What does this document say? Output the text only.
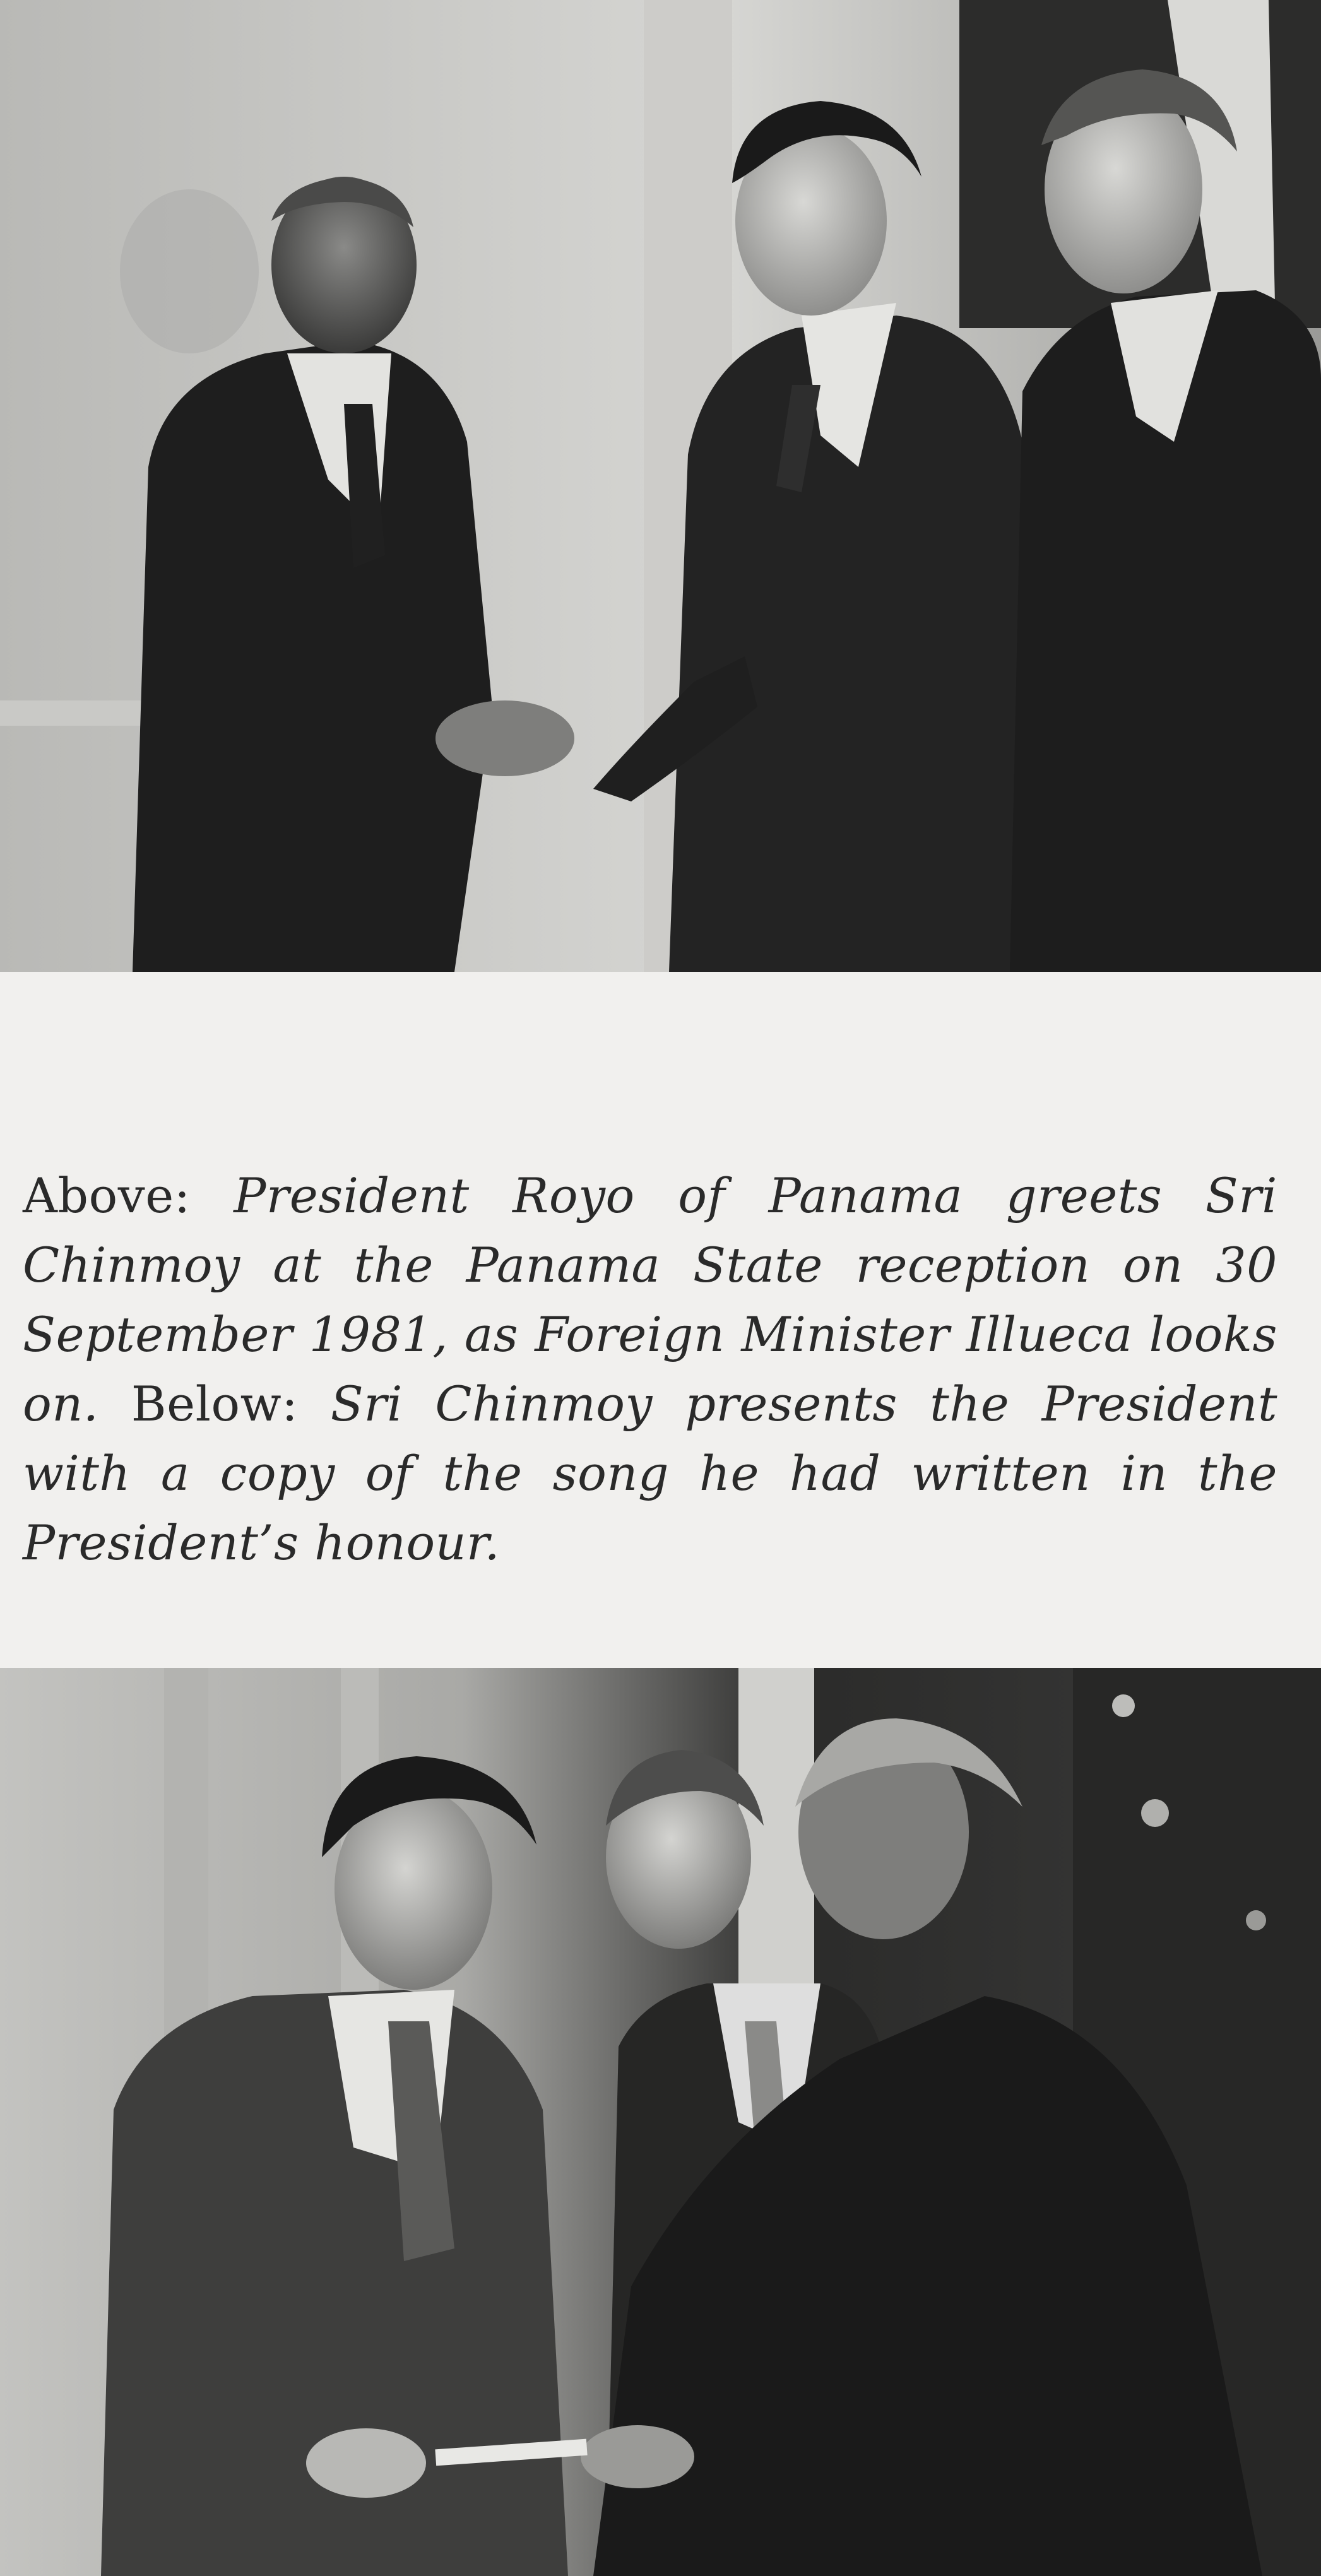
Above: President Royo of Panama greets Sri Chinmoy at the Panama State reception on 30 September 1981, as Foreign Minister Illueca looks on. Below: Sri Chinmoy presents the President with a copy of the song he had written in the President’s honour.
